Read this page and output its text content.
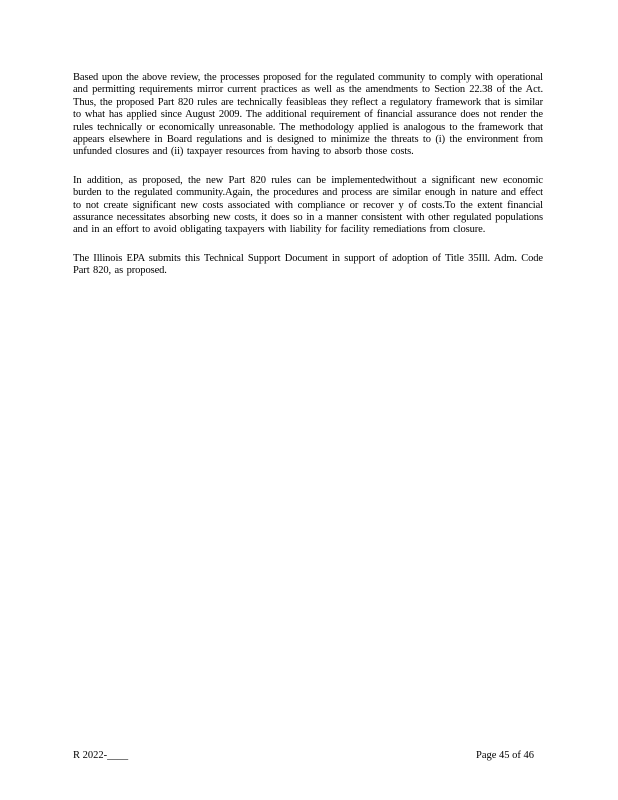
Based upon the above review, the processes proposed for the regulated community to comply with operational and permitting requirements mirror current practices as well as the amendments to Section 22.38 of the Act. Thus, the proposed Part 820 rules are technically feasibleas they reflect a regulatory framework that is similar to what has applied since August 2009. The additional requirement of financial assurance does not render the rules technically or economically unreasonable. The methodology applied is analogous to the framework that appears elsewhere in Board regulations and is designed to minimize the threats to (i) the environment from unfunded closures and (ii) taxpayer resources from having to absorb those costs.

In addition, as proposed, the new Part 820 rules can be implementedwithout a significant new economic burden to the regulated community.Again, the procedures and process are similar enough in nature and effect to not create significant new costs associated with compliance or recover y of costs.To the extent financial assurance necessitates absorbing new costs, it does so in a manner consistent with other regulated populations and in an effort to avoid obligating taxpayers with liability for facility remediations from closure.

The Illinois EPA submits this Technical Support Document in support of adoption of Title 35Ill. Adm. Code Part 820, as proposed.

R 2022-____	Page 45 of 46
